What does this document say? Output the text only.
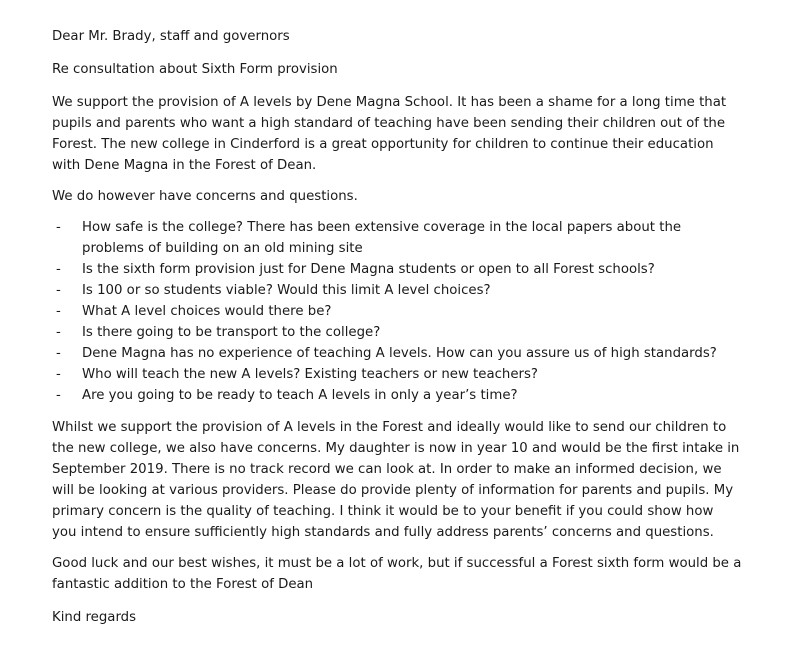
Dear Mr. Brady, staff and governors

Re consultation about Sixth Form provision

We support the provision of A levels by Dene Magna School. It has been a shame for a long time that pupils and parents who want a high standard of teaching have been sending their children out of the Forest. The new college in Cinderford is a great opportunity for children to continue their education with Dene Magna in the Forest of Dean.

We do however have concerns and questions.

- How safe is the college? There has been extensive coverage in the local papers about the problems of building on an old mining site
- Is the sixth form provision just for Dene Magna students or open to all Forest schools?
- Is 100 or so students viable? Would this limit A level choices?
- What A level choices would there be?
- Is there going to be transport to the college?
- Dene Magna has no experience of teaching A levels. How can you assure us of high standards?
- Who will teach the new A levels? Existing teachers or new teachers?
- Are you going to be ready to teach A levels in only a year’s time?

Whilst we support the provision of A levels in the Forest and ideally would like to send our children to the new college, we also have concerns. My daughter is now in year 10 and would be the first intake in September 2019. There is no track record we can look at. In order to make an informed decision, we will be looking at various providers. Please do provide plenty of information for parents and pupils. My primary concern is the quality of teaching. I think it would be to your benefit if you could show how you intend to ensure sufficiently high standards and fully address parents’ concerns and questions.

Good luck and our best wishes, it must be a lot of work, but if successful a Forest sixth form would be a fantastic addition to the Forest of Dean

Kind regards
